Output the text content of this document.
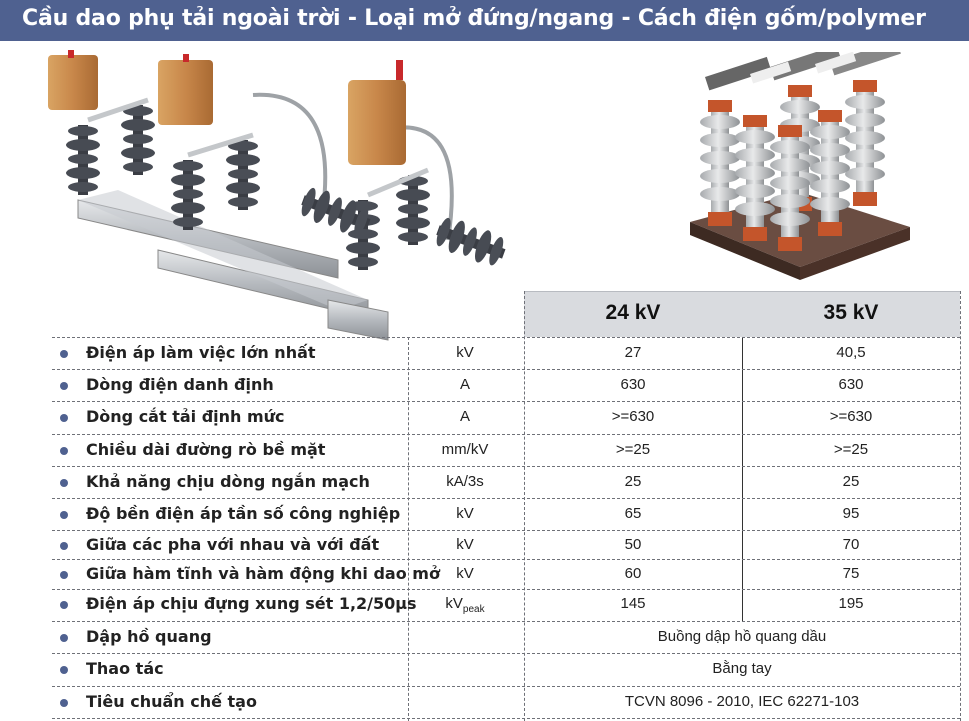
Cầu dao phụ tải ngoài trời - Loại mở đứng/ngang - Cách điện gốm/polymer
24 kV	35 kV
Điện áp làm việc lớn nhất	kV	27	40,5
Dòng điện danh định	A	630	630
Dòng cắt tải định mức	A	>=630	>=630
Chiều dài đường rò bề mặt	mm/kV	>=25	>=25
Khả năng chịu dòng ngắn mạch	kA/3s	25	25
Độ bền điện áp tần số công nghiệp	kV	65	95
Giữa các pha với nhau và với đất	kV	50	70
Giữa hàm tĩnh và hàm động khi dao mở	kV	60	75
Điện áp chịu đựng xung sét 1,2/50µs	$kV_{peak}$	145	195
Dập hồ quang	Buồng dập hồ quang dầu
Thao tác	Bằng tay
Tiêu chuẩn chế tạo	TCVN 8096 - 2010, IEC 62271-103
